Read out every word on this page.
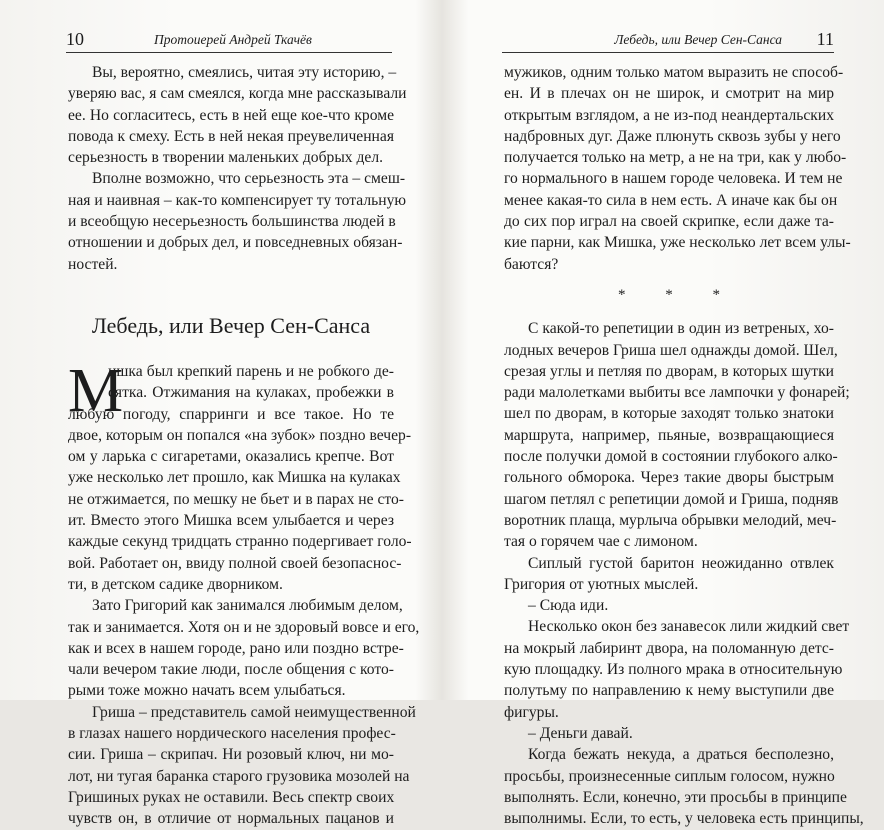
10	Протоиерей Андрей Ткачёв
Вы, вероятно, смеялись, читая эту историю, –
уверяю вас, я сам смеялся, когда мне рассказывали
ее. Но согласитесь, есть в ней еще кое-что кроме
повода к смеху. Есть в ней некая преувеличенная
серьезность в творении маленьких добрых дел.
Вполне возможно, что серьезность эта – смеш-
ная и наивная – как-то компенсирует ту тотальную
и всеобщую несерьезность большинства людей в
отношении и добрых дел, и повседневных обязан-
ностей.
Лебедь, или Вечер Сен-Санса
М
ишка был крепкий парень и не робкого де-
сятка. Отжимания на кулаках, пробежки в
любую погоду, спарринги и все такое. Но те
двое, которым он попался «на зубок» поздно вечер-
ом у ларька с сигаретами, оказались крепче. Вот
уже несколько лет прошло, как Мишка на кулаках
не отжимается, по мешку не бьет и в парах не сто-
ит. Вместо этого Мишка всем улыбается и через
каждые секунд тридцать странно подергивает голо-
вой. Работает он, ввиду полной своей безопаснос-
ти, в детском садике дворником.
Зато Григорий как занимался любимым делом,
так и занимается. Хотя он и не здоровый вовсе и его,
как и всех в нашем городе, рано или поздно встре-
чали вечером такие люди, после общения с кото-
рыми тоже можно начать всем улыбаться.
Гриша – представитель самой неимущественной
в глазах нашего нордического населения профес-
сии. Гриша – скрипач. Ни розовый ключ, ни мо-
лот, ни тугая баранка старого грузовика мозолей на
Гришиных руках не оставили. Весь спектр своих
чувств он, в отличие от нормальных пацанов и
Лебедь, или Вечер Сен-Санса 11
мужиков, одним только матом выразить не способ-
ен. И в плечах он не широк, и смотрит на мир
открытым взглядом, а не из-под неандертальских
надбровных дуг. Даже плюнуть сквозь зубы у него
получается только на метр, а не на три, как у любо-
го нормального в нашем городе человека. И тем не
менее какая-то сила в нем есть. А иначе как бы он
до сих пор играл на своей скрипке, если даже та-
кие парни, как Мишка, уже несколько лет всем улы-
баются?
* * *
С какой-то репетиции в один из ветреных, хо-
лодных вечеров Гриша шел однажды домой. Шел,
срезая углы и петляя по дворам, в которых шутки
ради малолетками выбиты все лампочки у фонарей;
шел по дворам, в которые заходят только знатоки
маршрута, например, пьяные, возвращающиеся
после получки домой в состоянии глубокого алко-
гольного обморока. Через такие дворы быстрым
шагом петлял с репетиции домой и Гриша, подняв
воротник плаща, мурлыча обрывки мелодий, меч-
тая о горячем чае с лимоном.
Сиплый густой баритон неожиданно отвлек
Григория от уютных мыслей.
– Сюда иди.
Несколько окон без занавесок лили жидкий свет
на мокрый лабиринт двора, на поломанную детс-
кую площадку. Из полного мрака в относительную
полутьму по направлению к нему выступили две
фигуры.
– Деньги давай.
Когда бежать некуда, а драться бесполезно,
просьбы, произнесенные сиплым голосом, нужно
выполнять. Если, конечно, эти просьбы в принципе
выполнимы. Если, то есть, у человека есть принципы,
